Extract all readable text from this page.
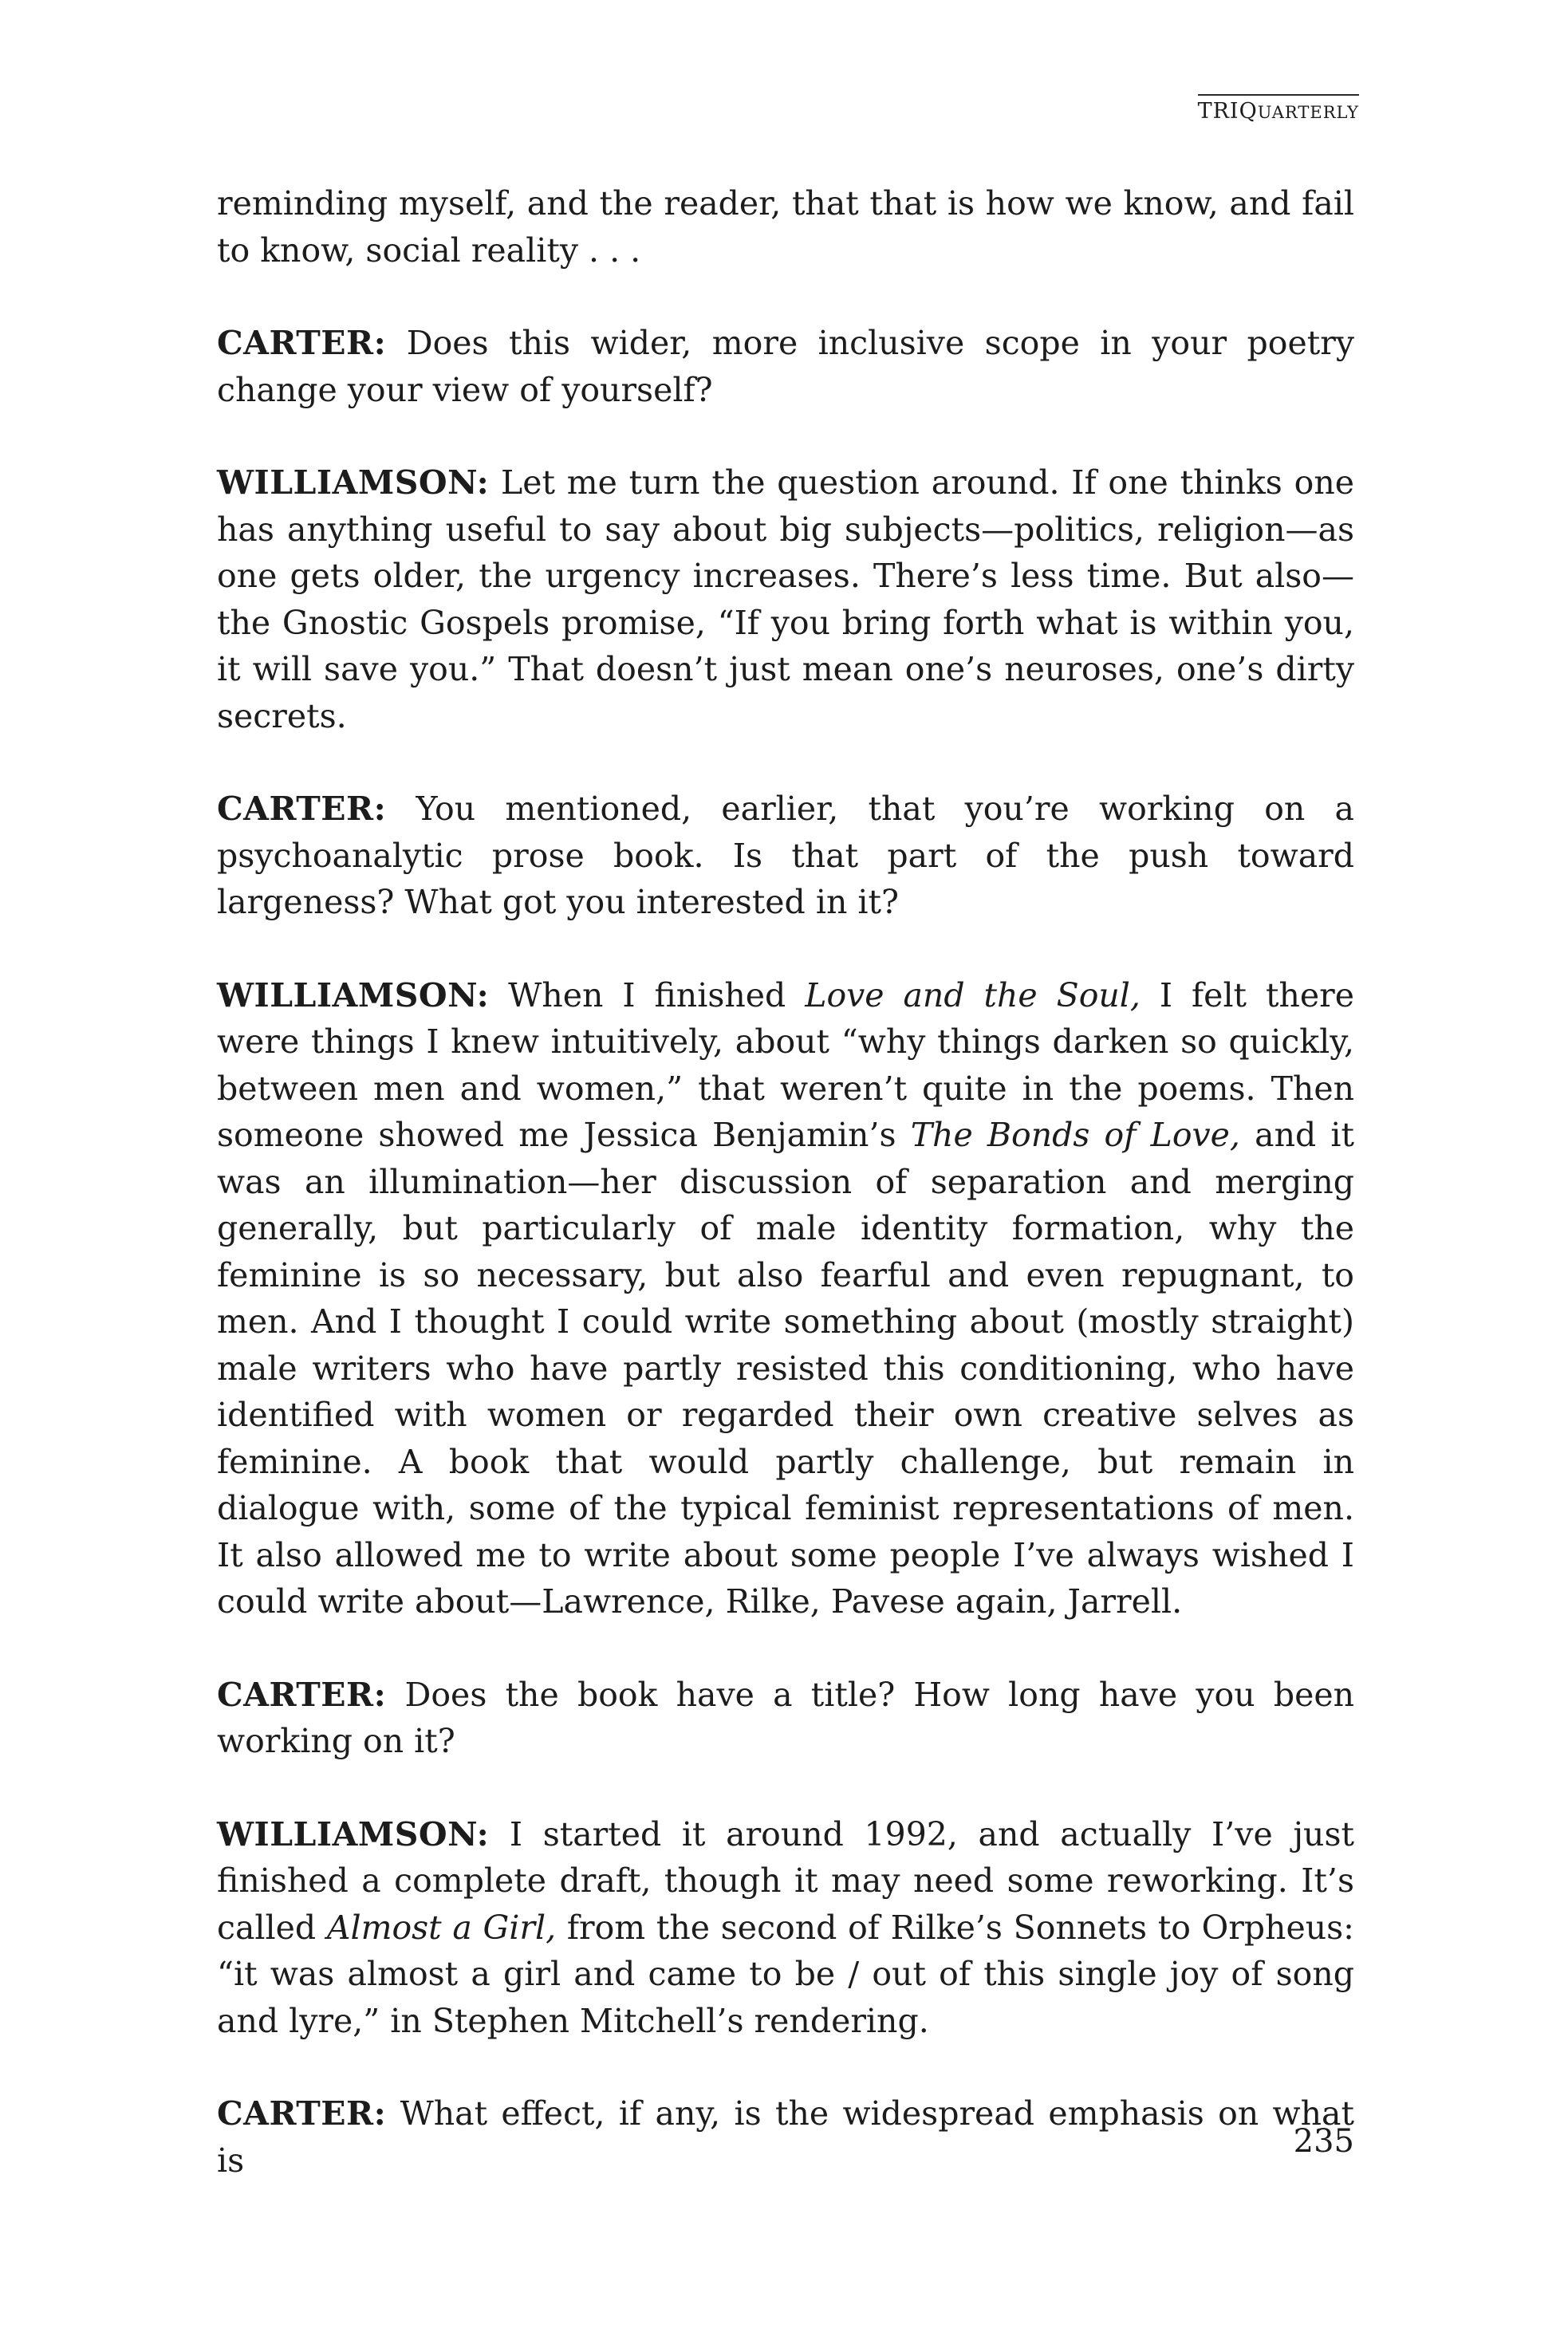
TRIQUARTERLY

reminding myself, and the reader, that that is how we know, and fail to know, social reality . . .

CARTER: Does this wider, more inclusive scope in your poetry change your view of yourself?

WILLIAMSON: Let me turn the question around. If one thinks one has anything useful to say about big subjects—politics, religion—as one gets older, the urgency increases. There’s less time. But also—the Gnostic Gospels promise, “If you bring forth what is within you, it will save you.” That doesn’t just mean one’s neuroses, one’s dirty secrets.

CARTER: You mentioned, earlier, that you’re working on a psychoanalytic prose book. Is that part of the push toward largeness? What got you interested in it?

WILLIAMSON: When I finished Love and the Soul, I felt there were things I knew intuitively, about “why things darken so quickly, between men and women,” that weren’t quite in the poems. Then someone showed me Jessica Benjamin’s The Bonds of Love, and it was an illumination—her discussion of separation and merging generally, but particularly of male identity formation, why the feminine is so necessary, but also fearful and even repugnant, to men. And I thought I could write something about (mostly straight) male writers who have partly resisted this conditioning, who have identified with women or regarded their own creative selves as feminine. A book that would partly challenge, but remain in dialogue with, some of the typical feminist representations of men. It also allowed me to write about some people I’ve always wished I could write about—Lawrence, Rilke, Pavese again, Jarrell.

CARTER: Does the book have a title? How long have you been working on it?

WILLIAMSON: I started it around 1992, and actually I’ve just finished a complete draft, though it may need some reworking. It’s called Almost a Girl, from the second of Rilke’s Sonnets to Orpheus: “it was almost a girl and came to be / out of this single joy of song and lyre,” in Stephen Mitchell’s rendering.

CARTER: What effect, if any, is the widespread emphasis on what is	235
